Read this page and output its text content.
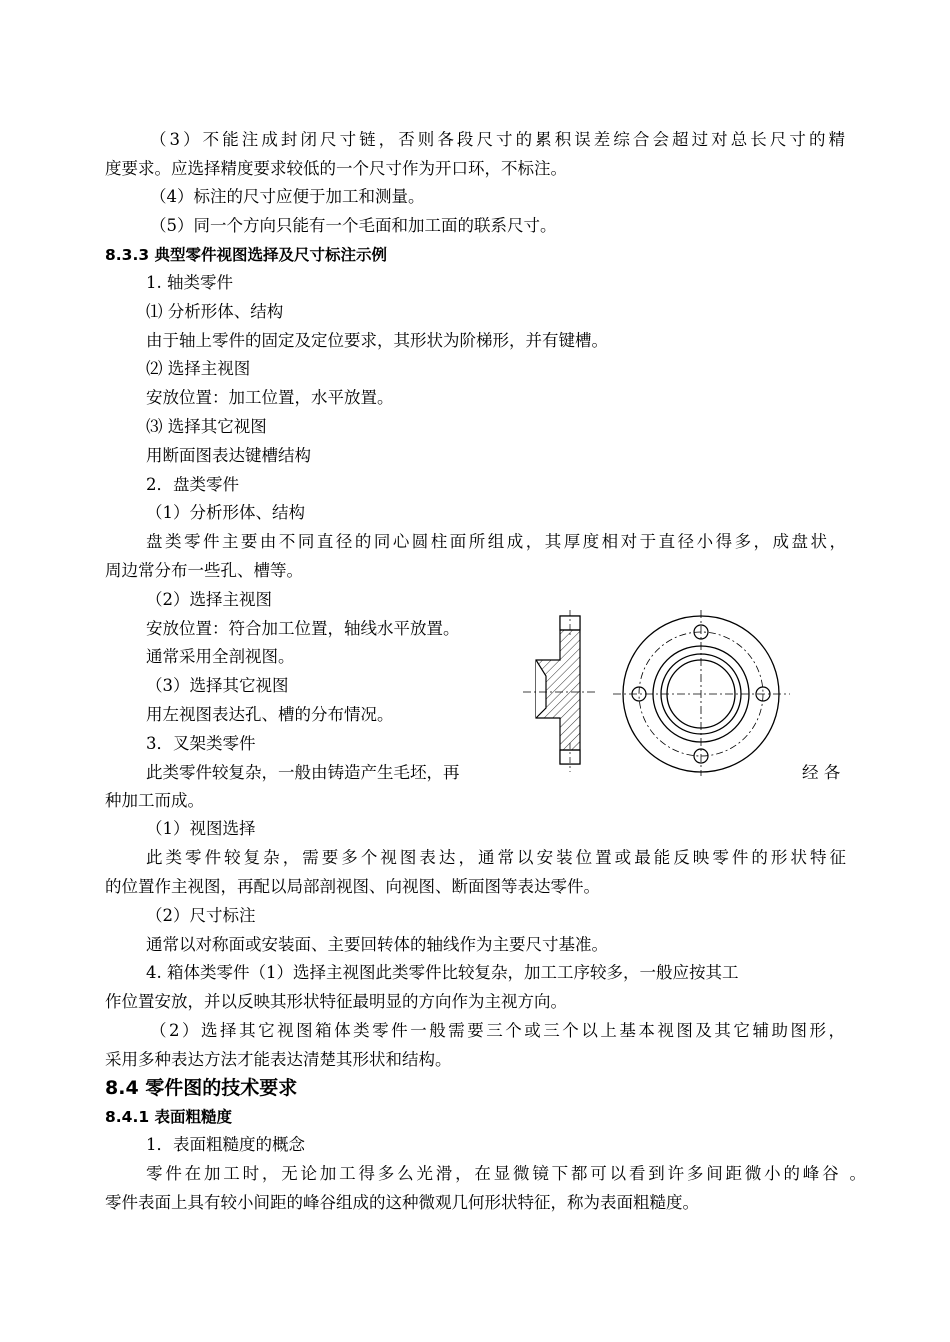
（3）不能注成封闭尺寸链，否则各段尺寸的累积误差综合会超过对总长尺寸的精
度要求。应选择精度要求较低的一个尺寸作为开口环，不标注。
（4）标注的尺寸应便于加工和测量。
（5）同一个方向只能有一个毛面和加工面的联系尺寸。
8.3.3 典型零件视图选择及尺寸标注示例
1. 轴类零件
⑴ 分析形体、结构
由于轴上零件的固定及定位要求，其形状为阶梯形，并有键槽。
⑵ 选择主视图
安放位置：加工位置，水平放置。
⑶ 选择其它视图
用断面图表达键槽结构
2．盘类零件
（1）分析形体、结构
盘类零件主要由不同直径的同心圆柱面所组成，其厚度相对于直径小得多，成盘状，
周边常分布一些孔、槽等。
（2）选择主视图
安放位置：符合加工位置，轴线水平放置。
通常采用全剖视图。
（3）选择其它视图
用左视图表达孔、槽的分布情况。
3．叉架类零件
此类零件较复杂，一般由铸造产生毛坯，再	经 各
种加工而成。
（1）视图选择
此类零件较复杂，需要多个视图表达，通常以安装位置或最能反映零件的形状特征
的位置作主视图，再配以局部剖视图、向视图、断面图等表达零件。
（2）尺寸标注
通常以对称面或安装面、主要回转体的轴线作为主要尺寸基准。
4. 箱体类零件（1）选择主视图此类零件比较复杂，加工工序较多，一般应按其工
作位置安放，并以反映其形状特征最明显的方向作为主视方向。
（2）选择其它视图箱体类零件一般需要三个或三个以上基本视图及其它辅助图形，
采用多种表达方法才能表达清楚其形状和结构。
8.4 零件图的技术要求
8.4.1 表面粗糙度
1．表面粗糙度的概念
零件在加工时，无论加工得多么光滑，在显微镜下都可以看到许多间距微小的峰谷 。
零件表面上具有较小间距的峰谷组成的这种微观几何形状特征，称为表面粗糙度。
